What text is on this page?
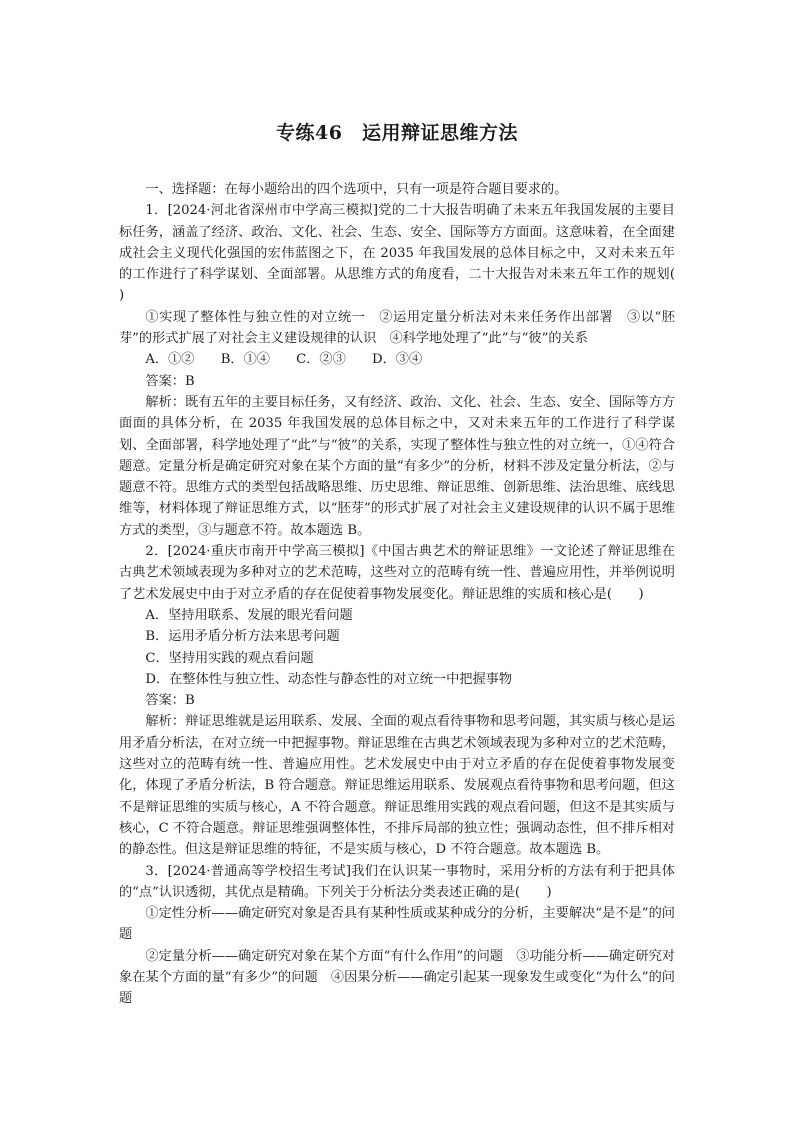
专练46　运用辩证思维方法

一、选择题：在每小题给出的四个选项中，只有一项是符合题目要求的。

1．[2024·河北省深州市中学高三模拟]党的二十大报告明确了未来五年我国发展的主要目标任务，涵盖了经济、政治、文化、社会、生态、安全、国际等方方面面。这意味着，在全面建成社会主义现代化强国的宏伟蓝图之下，在 2035 年我国发展的总体目标之中，又对未来五年的工作进行了科学谋划、全面部署。从思维方式的角度看，二十大报告对未来五年工作的规划(　　)

①实现了整体性与独立性的对立统一　②运用定量分析法对未来任务作出部署　③以“胚芽”的形式扩展了对社会主义建设规律的认识　④科学地处理了“此”与“彼”的关系

A．①② B．①④ C．②③ D．③④

答案：B

解析：既有五年的主要目标任务，又有经济、政治、文化、社会、生态、安全、国际等方方面面的具体分析，在 2035 年我国发展的总体目标之中，又对未来五年的工作进行了科学谋划、全面部署，科学地处理了“此”与“彼”的关系，实现了整体性与独立性的对立统一，①④符合题意。定量分析是确定研究对象在某个方面的量“有多少”的分析，材料不涉及定量分析法，②与题意不符。思维方式的类型包括战略思维、历史思维、辩证思维、创新思维、法治思维、底线思维等，材料体现了辩证思维方式，以“胚芽”的形式扩展了对社会主义建设规律的认识不属于思维方式的类型，③与题意不符。故本题选 B。

2．[2024·重庆市南开中学高三模拟]《中国古典艺术的辩证思维》一文论述了辩证思维在古典艺术领域表现为多种对立的艺术范畴，这些对立的范畴有统一性、普遍应用性，并举例说明了艺术发展史中由于对立矛盾的存在促使着事物发展变化。辩证思维的实质和核心是(　　)

A．坚持用联系、发展的眼光看问题

B．运用矛盾分析方法来思考问题

C．坚持用实践的观点看问题

D．在整体性与独立性、动态性与静态性的对立统一中把握事物

答案：B

解析：辩证思维就是运用联系、发展、全面的观点看待事物和思考问题，其实质与核心是运用矛盾分析法，在对立统一中把握事物。辩证思维在古典艺术领域表现为多种对立的艺术范畴，这些对立的范畴有统一性、普遍应用性。艺术发展史中由于对立矛盾的存在促使着事物发展变化，体现了矛盾分析法，B 符合题意。辩证思维运用联系、发展观点看待事物和思考问题，但这不是辩证思维的实质与核心，A 不符合题意。辩证思维用实践的观点看问题，但这不是其实质与核心，C 不符合题意。辩证思维强调整体性，不排斥局部的独立性；强调动态性，但不排斥相对的静态性。但这是辩证思维的特征，不是实质与核心，D 不符合题意。故本题选 B。

3．[2024·普通高等学校招生考试]我们在认识某一事物时，采用分析的方法有利于把具体的“点”认识透彻，其优点是精确。下列关于分析法分类表述正确的是(　　)

①定性分析——确定研究对象是否具有某种性质或某种成分的分析，主要解决“是不是”的问题

②定量分析——确定研究对象在某个方面“有什么作用”的问题　③功能分析——确定研究对象在某个方面的量“有多少”的问题　④因果分析——确定引起某一现象发生或变化“为什么”的问题
